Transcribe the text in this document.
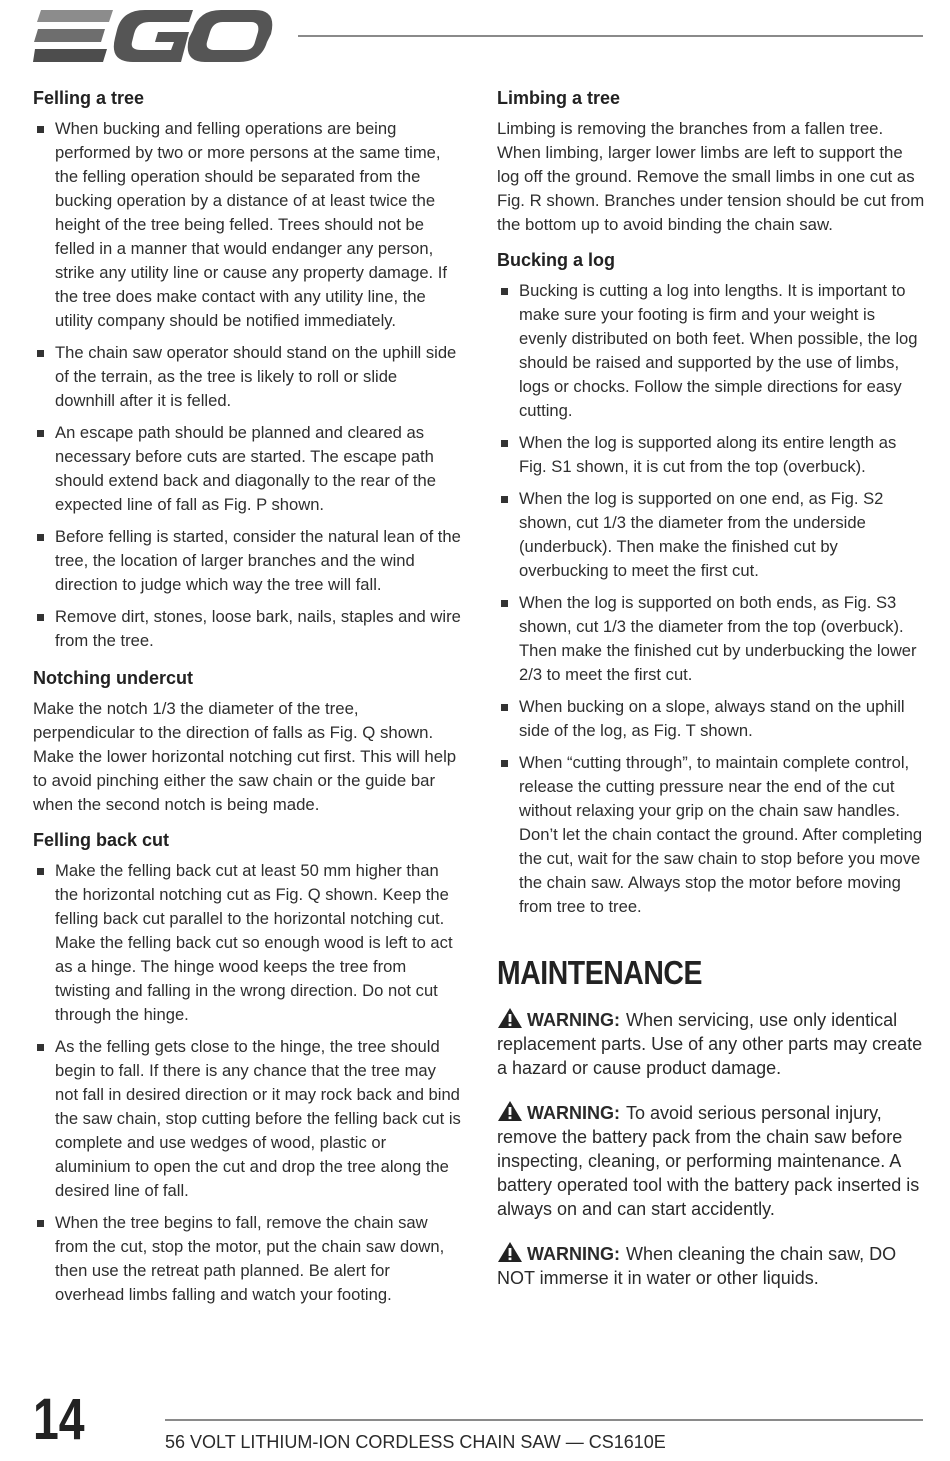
Felling a tree
When bucking and felling operations are being performed by two or more persons at the same time, the felling operation should be separated from the bucking operation by a distance of at least twice the height of the tree being felled. Trees should not be felled in a manner that would endanger any person, strike any utility line or cause any property damage. If the tree does make contact with any utility line, the utility company should be notified immediately.
The chain saw operator should stand on the uphill side of the terrain, as the tree is likely to roll or slide downhill after it is felled.
An escape path should be planned and cleared as necessary before cuts are started. The escape path should extend back and diagonally to the rear of the expected line of fall as Fig. P shown.
Before felling is started, consider the natural lean of the tree, the location of larger branches and the wind direction to judge which way the tree will fall.
Remove dirt, stones, loose bark, nails, staples and wire from the tree.
Notching undercut

Make the notch 1/3 the diameter of the tree, perpendicular to the direction of falls as Fig. Q shown. Make the lower horizontal notching cut first. This will help to avoid pinching either the saw chain or the guide bar when the second notch is being made.

Felling back cut
Make the felling back cut at least 50 mm higher than the horizontal notching cut as Fig. Q shown. Keep the felling back cut parallel to the horizontal notching cut. Make the felling back cut so enough wood is left to act as a hinge. The hinge wood keeps the tree from twisting and falling in the wrong direction. Do not cut through the hinge.
As the felling gets close to the hinge, the tree should begin to fall. If there is any chance that the tree may not fall in desired direction or it may rock back and bind the saw chain, stop cutting before the felling back cut is complete and use wedges of wood, plastic or aluminium to open the cut and drop the tree along the desired line of fall.
When the tree begins to fall, remove the chain saw from the cut, stop the motor, put the chain saw down, then use the retreat path planned. Be alert for overhead limbs falling and watch your footing.
Limbing a tree

Limbing is removing the branches from a fallen tree. When limbing, larger lower limbs are left to support the log off the ground. Remove the small limbs in one cut as Fig. R shown. Branches under tension should be cut from the bottom up to avoid binding the chain saw.

Bucking a log
Bucking is cutting a log into lengths. It is important to make sure your footing is firm and your weight is evenly distributed on both feet. When possible, the log should be raised and supported by the use of limbs, logs or chocks. Follow the simple directions for easy cutting.
When the log is supported along its entire length as Fig. S1 shown, it is cut from the top (overbuck).
When the log is supported on one end, as Fig. S2 shown, cut 1/3 the diameter from the underside (underbuck). Then make the finished cut by overbucking to meet the first cut.
When the log is supported on both ends, as Fig. S3 shown, cut 1/3 the diameter from the top (overbuck). Then make the finished cut by underbucking the lower 2/3 to meet the first cut.
When bucking on a slope, always stand on the uphill side of the log, as Fig. T shown.
When “cutting through”, to maintain complete control, release the cutting pressure near the end of the cut without relaxing your grip on the chain saw handles. Don’t let the chain contact the ground. After completing the cut, wait for the saw chain to stop before you move the chain saw. Always stop the motor before moving from tree to tree.
MAINTENANCE

WARNING: When servicing, use only identical replacement parts. Use of any other parts may create a hazard or cause product damage.

WARNING: To avoid serious personal injury, remove the battery pack from the chain saw before inspecting, cleaning, or performing maintenance. A battery operated tool with the battery pack inserted is always on and can start accidently.

WARNING: When cleaning the chain saw, DO NOT immerse it in water or other liquids.

14	56 VOLT LITHIUM-ION CORDLESS CHAIN SAW — CS1610E
